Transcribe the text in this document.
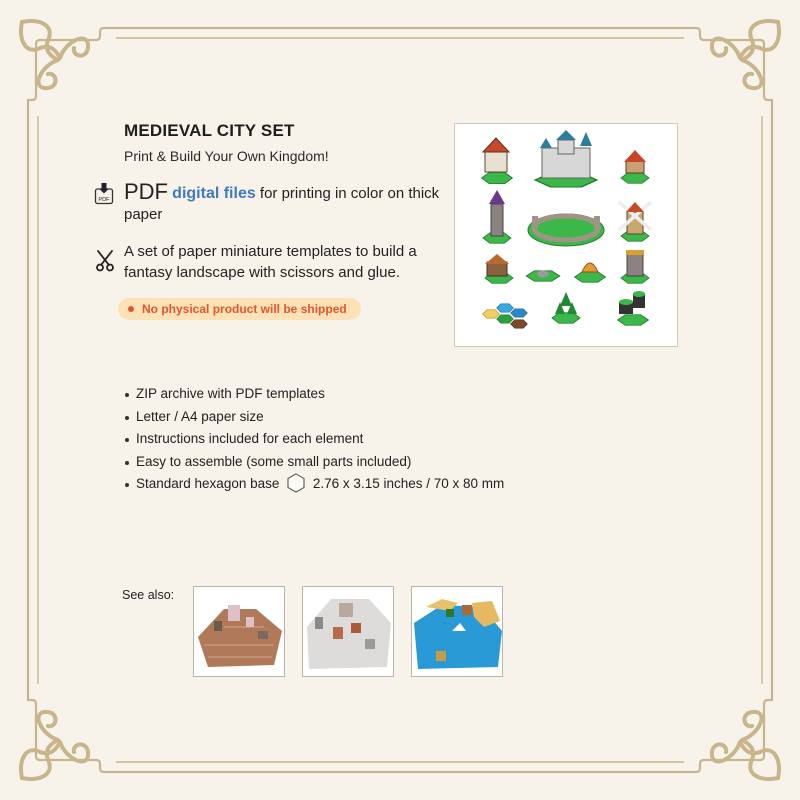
MEDIEVAL CITY SET
Print & Build Your Own Kingdom!
PDF PDF digital files for printing in color on thick paper
A set of paper miniature templates to build a fantasy landscape with scissors and glue.
No physical product will be shipped
ZIP archive with PDF templates
Letter / A4 paper size
Instructions included for each element
Easy to assemble (some small parts included)
Standard hexagon base 2.76 x 3.15 inches / 70 x 80 mm
See also:
